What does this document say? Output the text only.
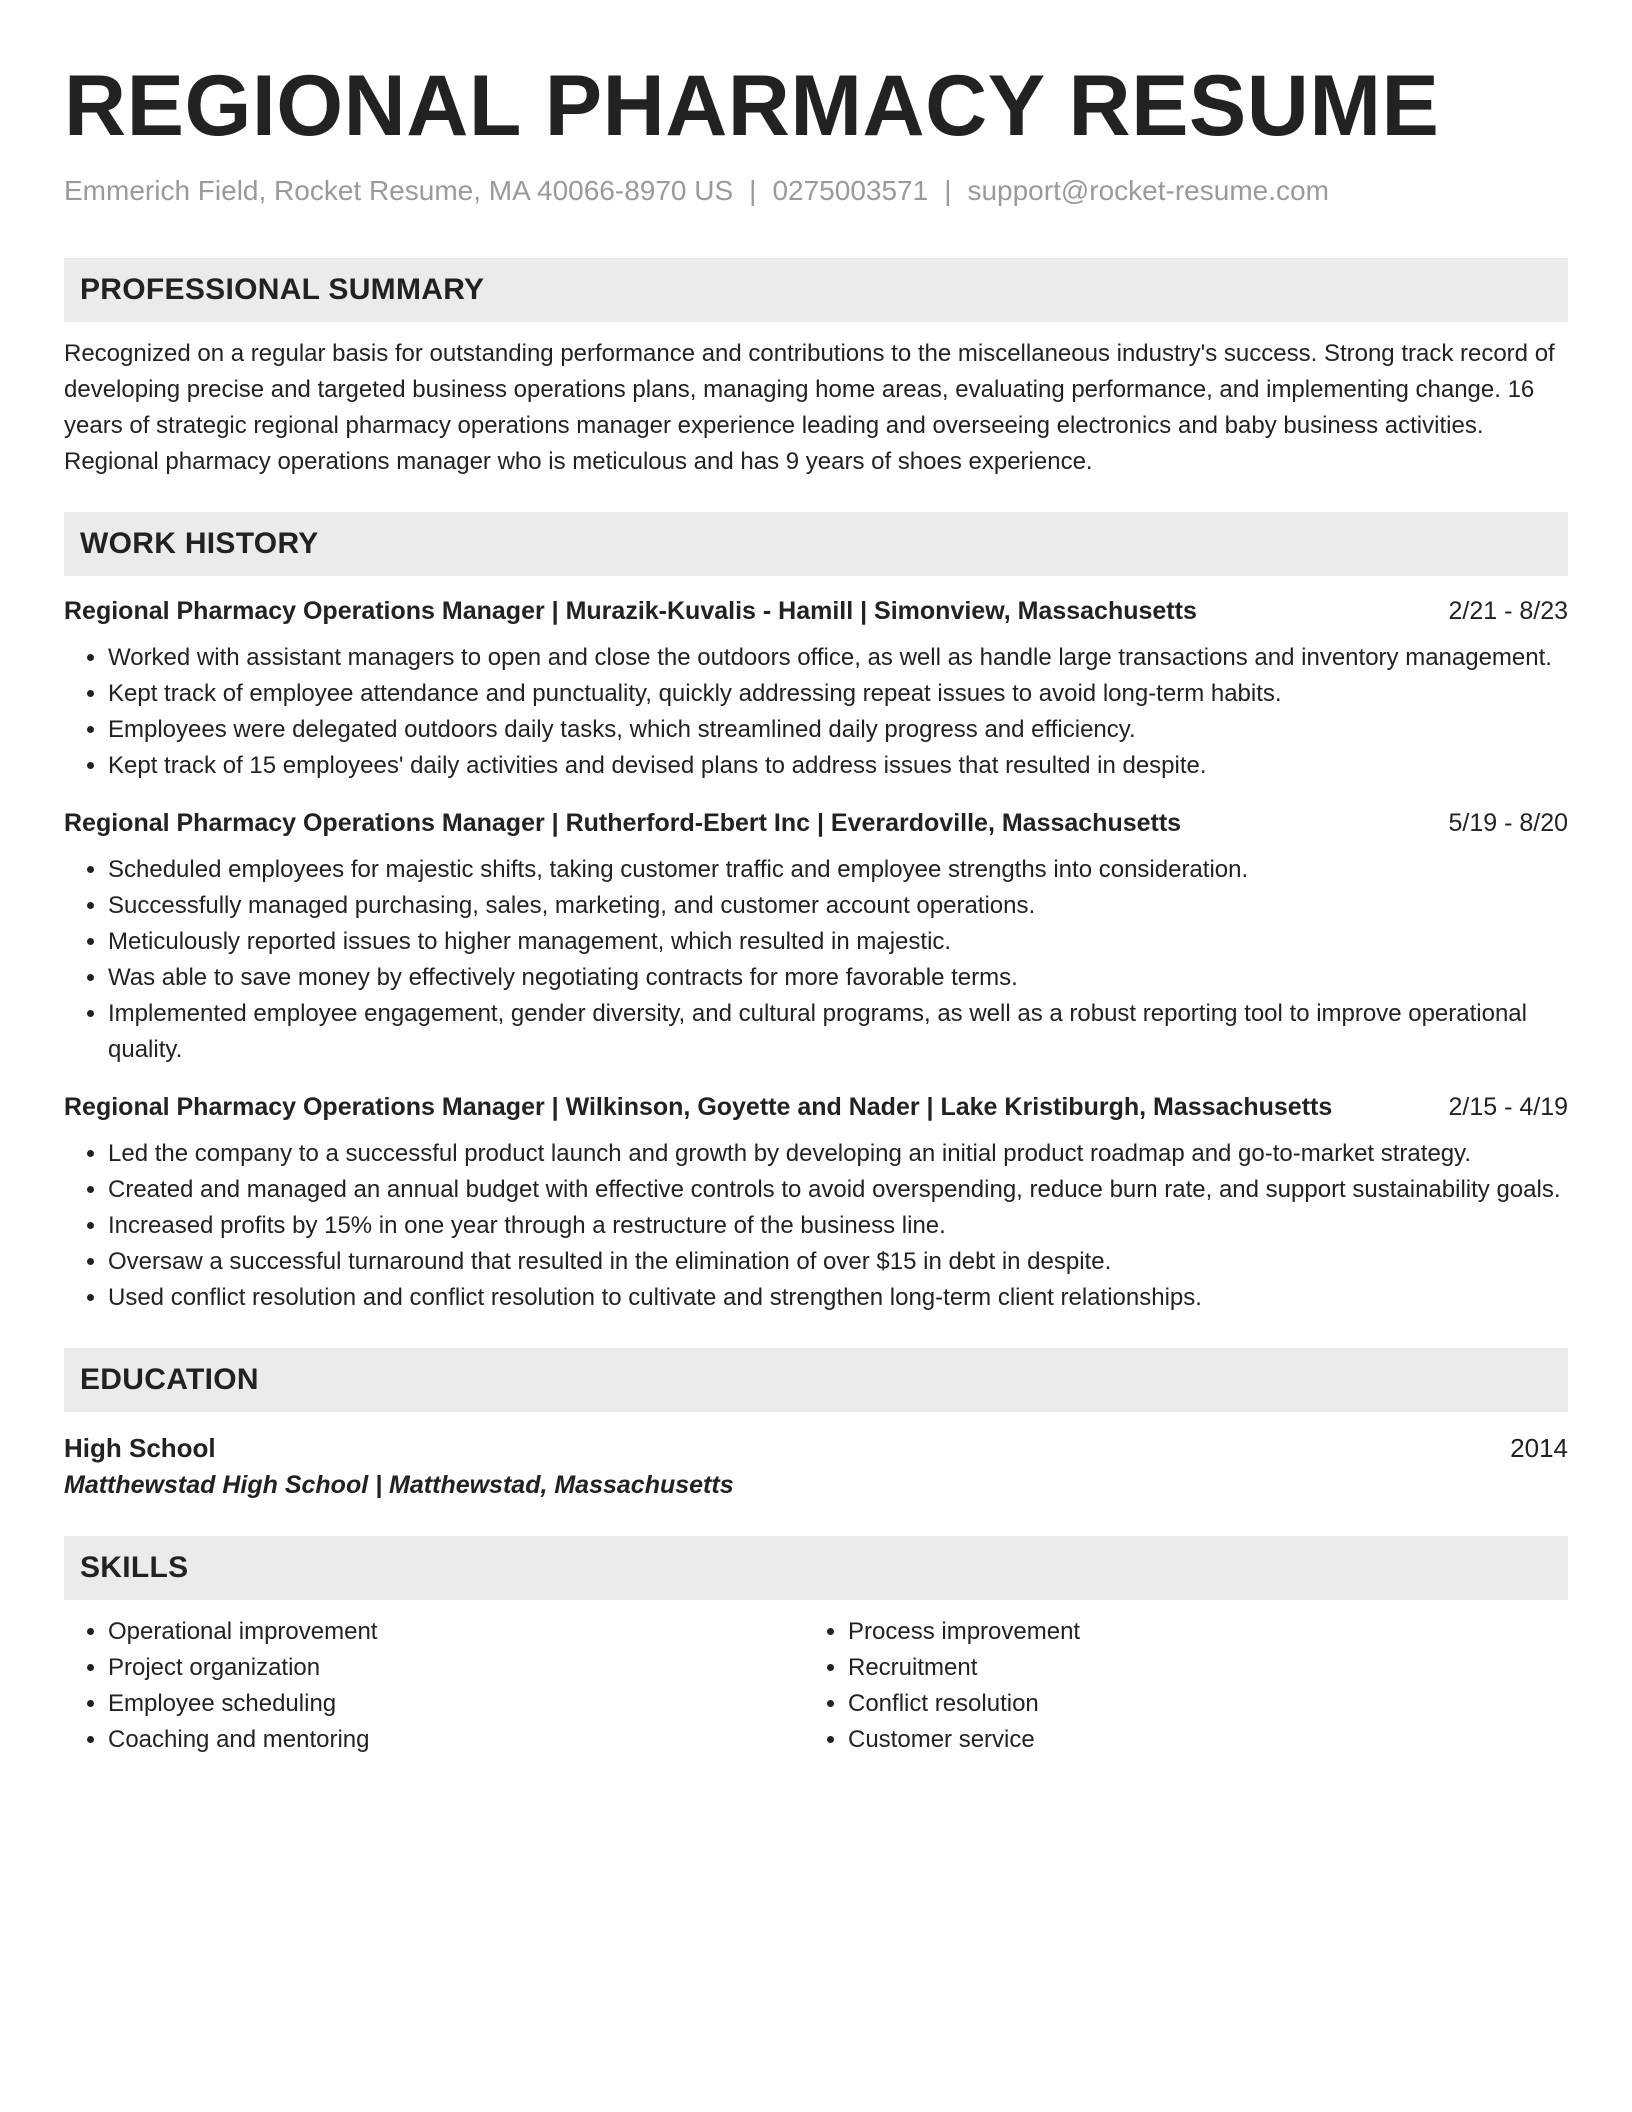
REGIONAL PHARMACY RESUME
Emmerich Field, Rocket Resume, MA 40066-8970 US | 0275003571 | support@rocket-resume.com
PROFESSIONAL SUMMARY

Recognized on a regular basis for outstanding performance and contributions to the miscellaneous industry's success. Strong track record of developing precise and targeted business operations plans, managing home areas, evaluating performance, and implementing change. 16 years of strategic regional pharmacy operations manager experience leading and overseeing electronics and baby business activities. Regional pharmacy operations manager who is meticulous and has 9 years of shoes experience.

WORK HISTORY
Regional Pharmacy Operations Manager | Murazik-Kuvalis - Hamill | Simonview, Massachusetts	2/21 - 8/23
• Worked with assistant managers to open and close the outdoors office, as well as handle large transactions and inventory management.
• Kept track of employee attendance and punctuality, quickly addressing repeat issues to avoid long-term habits.
• Employees were delegated outdoors daily tasks, which streamlined daily progress and efficiency.
• Kept track of 15 employees' daily activities and devised plans to address issues that resulted in despite.
Regional Pharmacy Operations Manager | Rutherford-Ebert Inc | Everardoville, Massachusetts	5/19 - 8/20
• Scheduled employees for majestic shifts, taking customer traffic and employee strengths into consideration.
• Successfully managed purchasing, sales, marketing, and customer account operations.
• Meticulously reported issues to higher management, which resulted in majestic.
• Was able to save money by effectively negotiating contracts for more favorable terms.
• Implemented employee engagement, gender diversity, and cultural programs, as well as a robust reporting tool to improve operational quality.
Regional Pharmacy Operations Manager | Wilkinson, Goyette and Nader | Lake Kristiburgh, Massachusetts	2/15 - 4/19
• Led the company to a successful product launch and growth by developing an initial product roadmap and go-to-market strategy.
• Created and managed an annual budget with effective controls to avoid overspending, reduce burn rate, and support sustainability goals.
• Increased profits by 15% in one year through a restructure of the business line.
• Oversaw a successful turnaround that resulted in the elimination of over $15 in debt in despite.
• Used conflict resolution and conflict resolution to cultivate and strengthen long-term client relationships.
EDUCATION
High School	2014
Matthewstad High School | Matthewstad, Massachusetts
SKILLS
• Operational improvement
• Project organization
• Employee scheduling
• Coaching and mentoring
• Process improvement
• Recruitment
• Conflict resolution
• Customer service
